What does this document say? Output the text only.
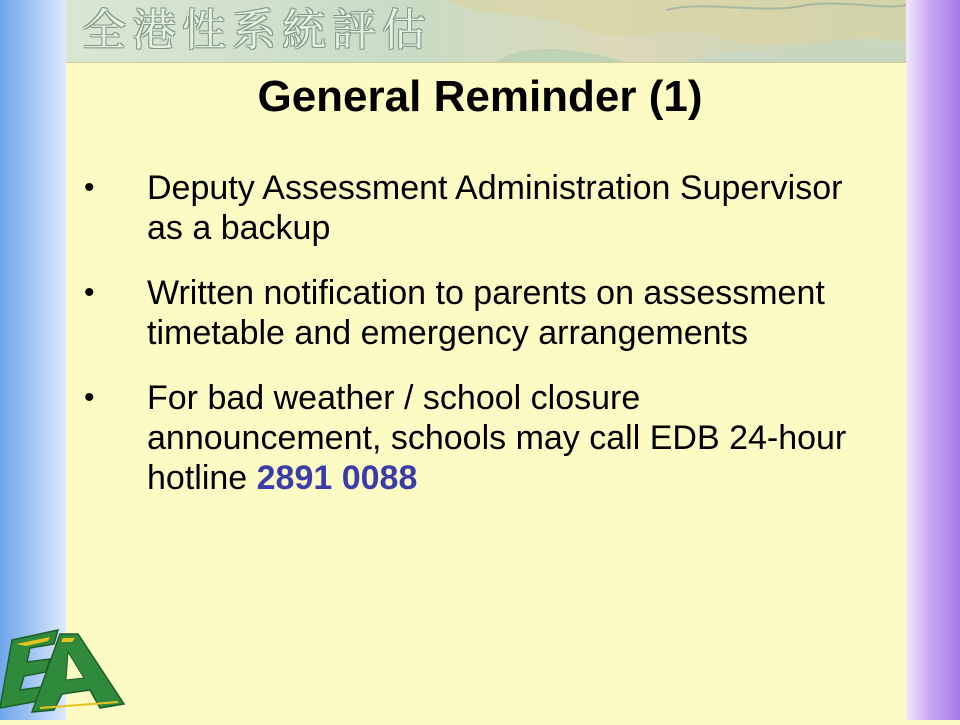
全港性系統評估
General Reminder (1)
• Deputy Assessment Administration Supervisor as a backup
• Written notification to parents on assessment timetable and emergency arrangements
• For bad weather / school closure announcement, schools may call EDB 24-hour hotline 2891 0088
®
